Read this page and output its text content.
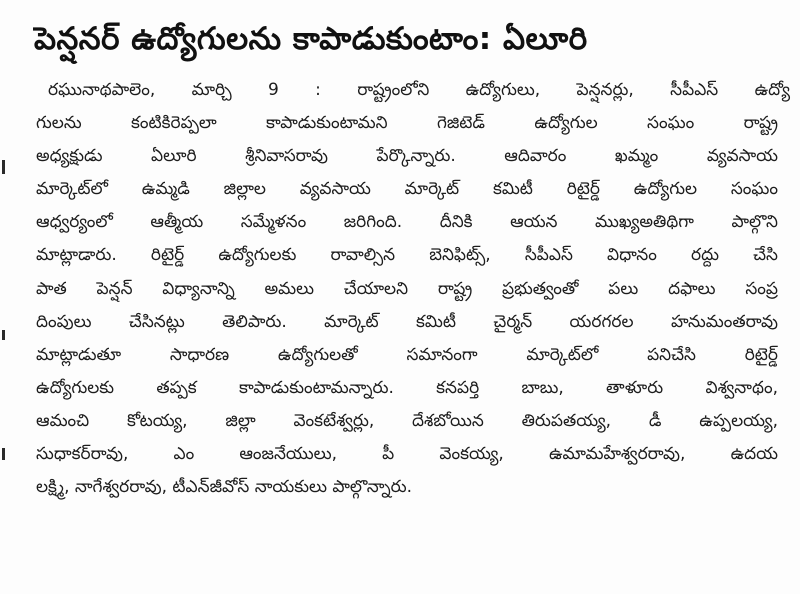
పెన్షనర్ ఉద్యోగులను కాపాడుకుంటాం: ఏలూరి
రఘునాథపాలెం, మార్చి 9 : రాష్ట్రంలోని ఉద్యోగులు, పెన్షనర్లు, సీపీఎస్ ఉద్యో
గులను కంటికిరెప్పలా కాపాడుకుంటామని గెజిటెడ్ ఉద్యోగుల సంఘం రాష్ట్ర
అధ్యక్షుడు ఏలూరి శ్రీనివాసరావు పేర్కొన్నారు. ఆదివారం ఖమ్మం వ్యవసాయ
మార్కెట్‌లో ఉమ్మడి జిల్లాల వ్యవసాయ మార్కెట్ కమిటీ రిటైర్డ్ ఉద్యోగుల సంఘం
ఆధ్వర్యంలో ఆత్మీయ సమ్మేళనం జరిగింది. దీనికి ఆయన ముఖ్యఅతిథిగా పాల్గొని
మాట్లాడారు. రిటైర్డ్ ఉద్యోగులకు రావాల్సిన బెనిఫిట్స్, సీపీఎస్ విధానం రద్దు చేసి
పాత పెన్షన్ విధ్యానాన్ని అమలు చేయాలని రాష్ట్ర ప్రభుత్వంతో పలు దఫాలు సంప్ర
దింపులు చేసినట్లు తెలిపారు. మార్కెట్ కమిటీ చైర్మన్ యరగరల హనుమంతరావు
మాట్లాడుతూ సాధారణ ఉద్యోగులతో సమానంగా మార్కెట్‌లో పనిచేసి రిటైర్డ్
ఉద్యోగులకు తప్పక కాపాడుకుంటామన్నారు. కనపర్తి బాబు, తాళూరు విశ్వనాథం,
ఆమంచి కోటయ్య, జిల్లా వెంకటేశ్వర్లు, దేశబోయిన తిరుపతయ్య, డీ ఉప్పలయ్య,
సుధాకర్‌రావు, ఎం ఆంజనేయులు, పీ వెంకయ్య, ఉమామహేశ్వరరావు, ఉదయ
లక్ష్మి, నాగేశ్వరరావు, టీఎన్‌జీవోస్ నాయకులు పాల్గొన్నారు.
